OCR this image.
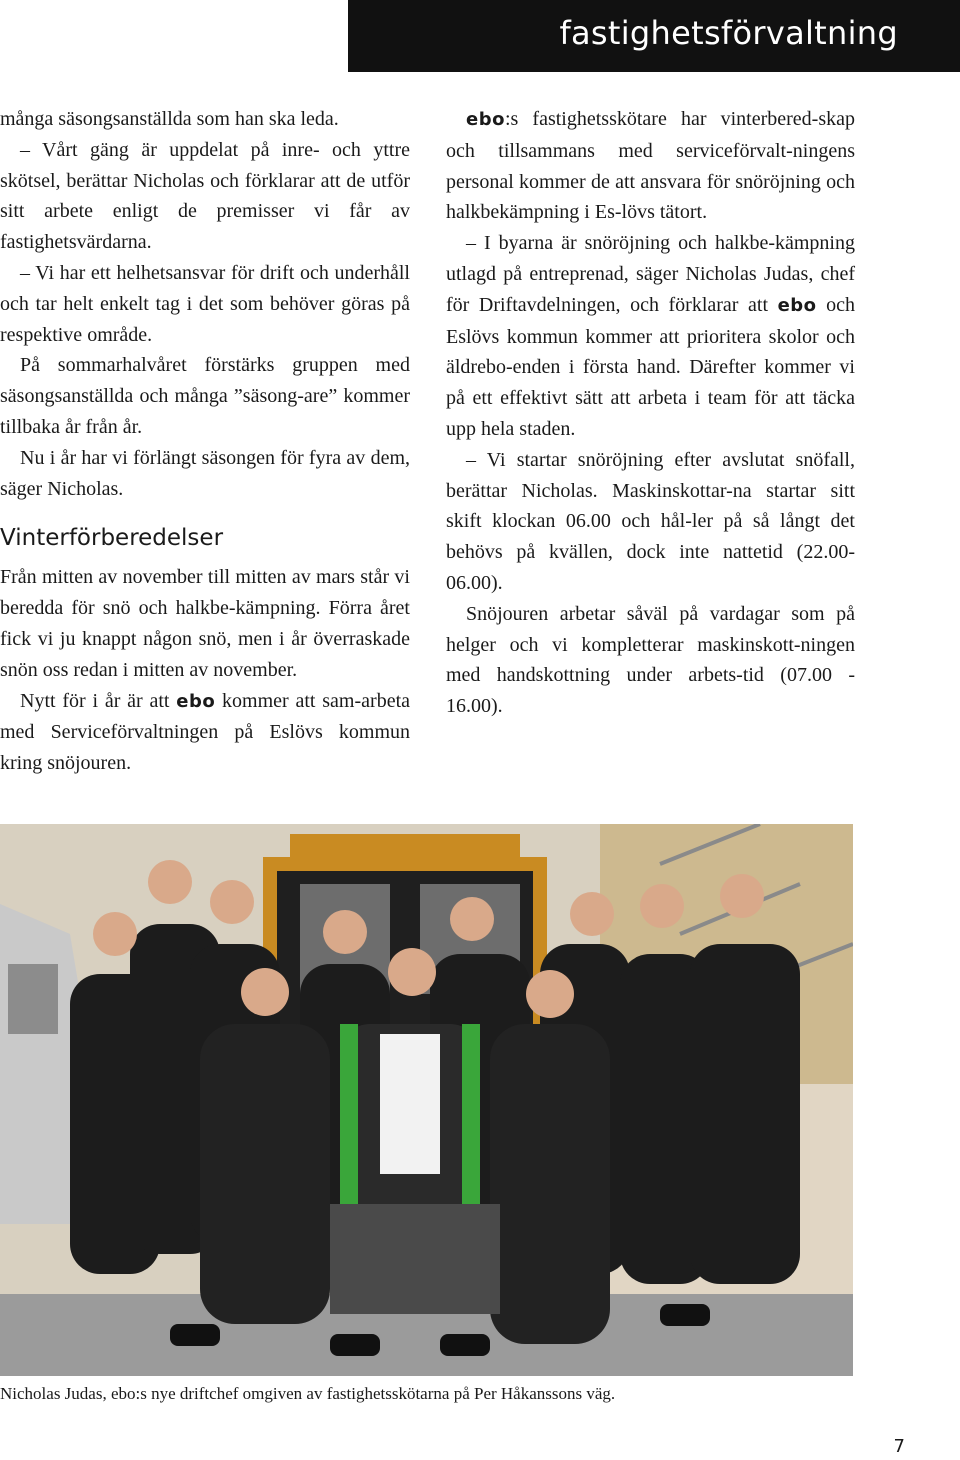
fastighetsförvaltning

många säsongsanställda som han ska leda.

– Vårt gäng är uppdelat på inre- och yttre skötsel, berättar Nicholas och förklarar att de utför sitt arbete enligt de premisser vi får av fastighetsvärdarna.

– Vi har ett helhetsansvar för drift och underhåll och tar helt enkelt tag i det som behöver göras på respektive område.

På sommarhalvåret förstärks gruppen med säsongsanställda och många ”säsong-are” kommer tillbaka år från år.

Nu i år har vi förlängt säsongen för fyra av dem, säger Nicholas.

Vinterförberedelser

Från mitten av november till mitten av mars står vi beredda för snö och halkbe-kämpning. Förra året fick vi ju knappt någon snö, men i år överraskade snön oss redan i mitten av november.

Nytt för i år är att ebo kommer att sam-arbeta med Serviceförvaltningen på Eslövs kommun kring snöjouren.

ebo:s fastighetsskötare har vinterbered-skap och tillsammans med serviceförvalt-ningens personal kommer de att ansvara för snöröjning och halkbekämpning i Es-lövs tätort.

– I byarna är snöröjning och halkbe-kämpning utlagd på entreprenad, säger Nicholas Judas, chef för Driftavdelningen, och förklarar att ebo och Eslövs kommun kommer att prioritera skolor och äldrebo-enden i första hand. Därefter kommer vi på ett effektivt sätt att arbeta i team för att täcka upp hela staden.

– Vi startar snöröjning efter avslutat snöfall, berättar Nicholas. Maskinskottar-na startar sitt skift klockan 06.00 och hål-ler på så långt det behövs på kvällen, dock inte nattetid (22.00-06.00).

Snöjouren arbetar såväl på vardagar som på helger och vi kompletterar maskinskott-ningen med handskottning under arbets-tid (07.00 - 16.00).

Nicholas Judas, ebo:s nye driftchef omgiven av fastighetsskötarna på Per Håkanssons väg.
7
